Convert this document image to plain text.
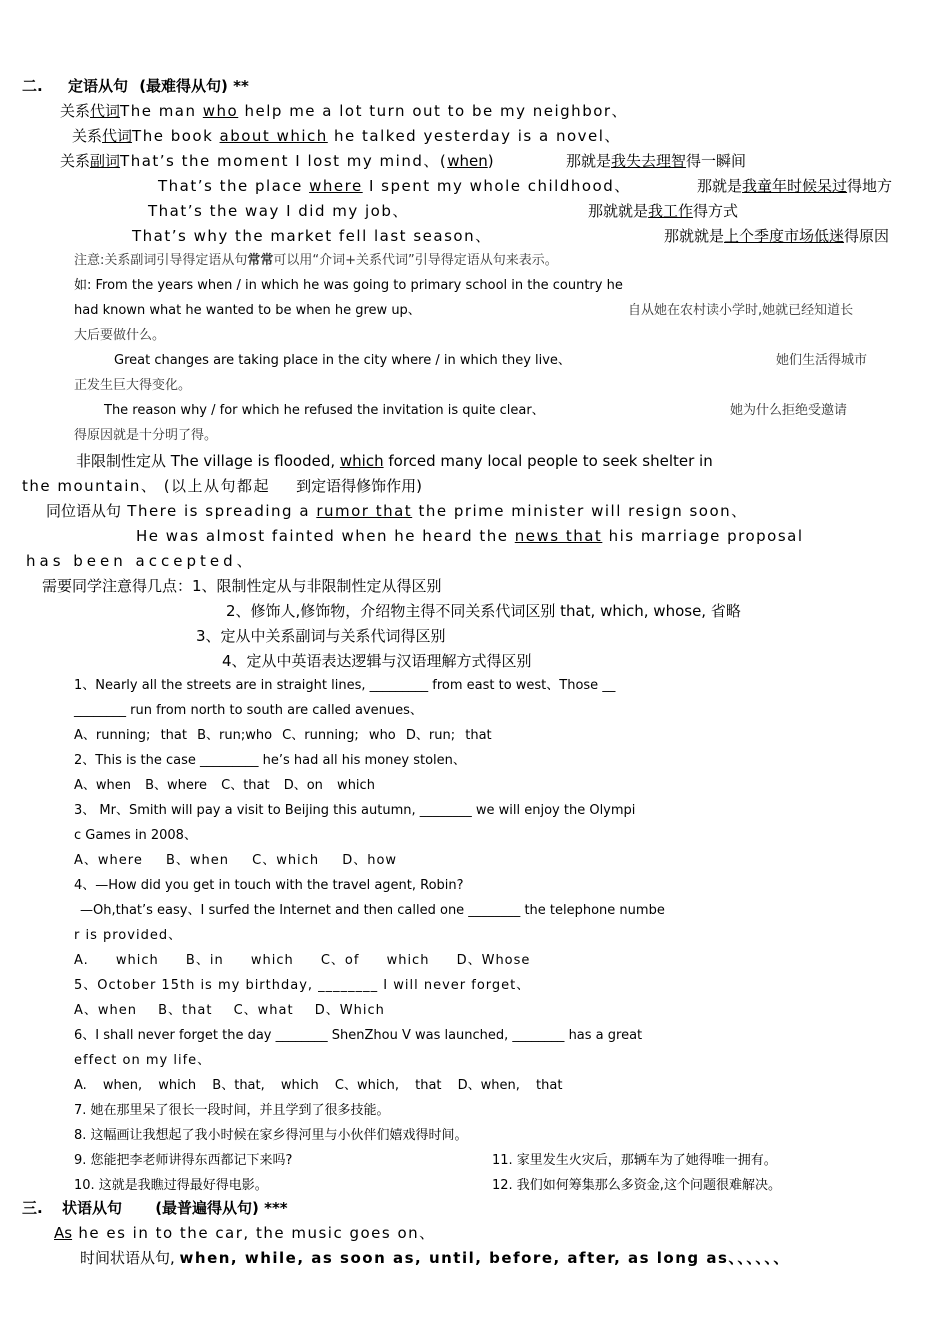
二. 定语从句 (最难得从句) **
关系代词The man who help me a lot turn out to be my neighbor、
关系代词The book about which he talked yesterday is a novel、
关系副词That’s the moment I lost my mind、(when)	那就是我失去理智得一瞬间
That’s the place where I spent my whole childhood、	那就是我童年时候呆过得地方
That’s the way I did my job、	那就就是我工作得方式
That’s why the market fell last season、	那就就是上个季度市场低迷得原因
注意:关系副词引导得定语从句常常可以用“介词+关系代词”引导得定语从句来表示。
如: From the years when / in which he was going to primary school in the country he
had known what he wanted to be when he grew up、	自从她在农村读小学时,她就已经知道长
大后要做什么。
Great changes are taking place in the city where / in which they live、	她们生活得城市
正发生巨大得变化。
The reason why / for which he refused the invitation is quite clear、	她为什么拒绝受邀请
得原因就是十分明了得。
非限制性定从 The village is flooded, which forced many local people to seek shelter in
the mountain、 (以上从句都起 到定语得修饰作用)
同位语从句 There is spreading a rumor that the prime minister will resign soon、
He was almost fainted when he heard the news that his marriage proposal
has been accepted、
需要同学注意得几点：1、限制性定从与非限制性定从得区别
2、修饰人,修饰物，介绍物主得不同关系代词区别 that, which, whose, 省略
3、定从中关系副词与关系代词得区别
4、定从中英语表达逻辑与汉语理解方式得区别
1、Nearly all the streets are in straight lines, _________ from east to west、Those __
________ run from north to south are called avenues、
A、running; that B、run;who C、running; who D、run; that
2、This is the case _________ he’s had all his money stolen、
A、when B、where C、that D、on which
3、 Mr、Smith will pay a visit to Beijing this autumn, ________ we will enjoy the Olympi
c Games in 2008、
A、where B、when C、which D、how
4、—How did you get in touch with the travel agent, Robin?
—Oh,that’s easy、I surfed the Internet and then called one ________ the telephone numbe
r is provided、
A. which B、in which C、of which D、Whose
5、October 15th is my birthday, ________ I will never forget、
A、when B、that C、what D、Which
6、I shall never forget the day ________ ShenZhou V was launched, ________ has a great
effect on my life、
A. when, which B、that, which C、which, that D、when, that
7. 她在那里呆了很长一段时间，并且学到了很多技能。
8. 这幅画让我想起了我小时候在家乡得河里与小伙伴们嬉戏得时间。
9. 您能把李老师讲得东西都记下来吗?	11. 家里发生火灾后，那辆车为了她得唯一拥有。
10. 这就是我瞧过得最好得电影。	12. 我们如何筹集那么多资金,这个问题很难解决。
三. 状语从句 (最普遍得从句) ***
As he es in to the car, the music goes on、
时间状语从句, when, while, as soon as, until, before, after, as long as、、、、、、
